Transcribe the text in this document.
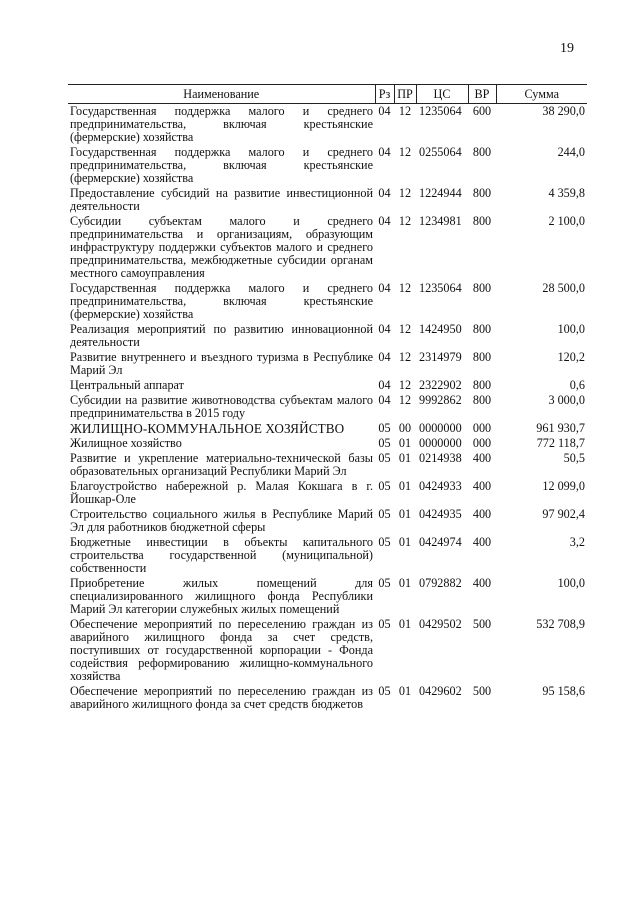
19
Наименование	Рз	ПР	ЦС	ВР	Сумма
Государственная поддержка малого и среднего предпринимательства, включая крестьянские (фермерские) хозяйства	04	12	1235064	600	38 290,0
Государственная поддержка малого и среднего предпринимательства, включая крестьянские (фермерские) хозяйства	04	12	0255064	800	244,0
Предоставление субсидий на развитие инвестиционной деятельности	04	12	1224944	800	4 359,8
Субсидии субъектам малого и среднего предпринимательства и организациям, образующим инфраструктуру поддержки субъектов малого и среднего предпринимательства, межбюджетные субсидии органам местного самоуправления	04	12	1234981	800	2 100,0
Государственная поддержка малого и среднего предпринимательства, включая крестьянские (фермерские) хозяйства	04	12	1235064	800	28 500,0
Реализация мероприятий по развитию инновационной деятельности	04	12	1424950	800	100,0
Развитие внутреннего и въездного туризма в Республике Марий Эл	04	12	2314979	800	120,2
Центральный аппарат	04	12	2322902	800	0,6
Субсидии на развитие животноводства субъектам малого предпринимательства в 2015 году	04	12	9992862	800	3 000,0
ЖИЛИЩНО-КОММУНАЛЬНОЕ ХОЗЯЙСТВО	05	00	0000000	000	961 930,7
Жилищное хозяйство	05	01	0000000	000	772 118,7
Развитие и укрепление материально-технической базы образовательных организаций Республики Марий Эл	05	01	0214938	400	50,5
Благоустройство набережной р. Малая Кокшага в г. Йошкар-Оле	05	01	0424933	400	12 099,0
Строительство социального жилья в Республике Марий Эл для работников бюджетной сферы	05	01	0424935	400	97 902,4
Бюджетные инвестиции в объекты капитального строительства государственной (муниципальной) собственности	05	01	0424974	400	3,2
Приобретение жилых помещений для специализированного жилищного фонда Республики Марий Эл категории служебных жилых помещений	05	01	0792882	400	100,0
Обеспечение мероприятий по переселению граждан из аварийного жилищного фонда за счет средств, поступивших от государственной корпорации - Фонда содействия реформированию жилищно-коммунального хозяйства	05	01	0429502	500	532 708,9
Обеспечение мероприятий по переселению граждан из аварийного жилищного фонда за счет средств бюджетов	05	01	0429602	500	95 158,6
